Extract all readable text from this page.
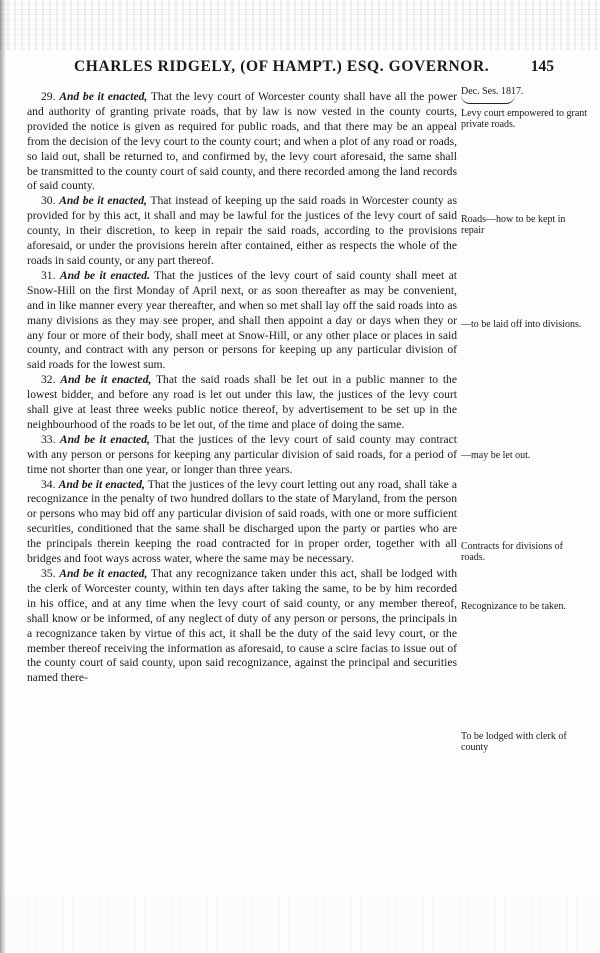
CHARLES RIDGELY, (OF HAMPT.) ESQ. GOVERNOR.	145

29. And be it enacted, That the levy court of Worcester county shall have all the power and authority of granting private roads, that by law is now vested in the county courts, provided the notice is given as required for public roads, and that there may be an appeal from the decision of the levy court to the county court; and when a plot of any road or roads, so laid out, shall be returned to, and confirmed by, the levy court aforesaid, the same shall be transmitted to the county court of said county, and there recorded among the land records of said county.

30. And be it enacted, That instead of keeping up the said roads in Worcester county as provided for by this act, it shall and may be lawful for the justices of the levy court of said county, in their discretion, to keep in repair the said roads, according to the provisions aforesaid, or under the provisions herein after contained, either as respects the whole of the roads in said county, or any part thereof.

31. And be it enacted. That the justices of the levy court of said county shall meet at Snow-Hill on the first Monday of April next, or as soon thereafter as may be convenient, and in like manner every year thereafter, and when so met shall lay off the said roads into as many divisions as they may see proper, and shall then appoint a day or days when they or any four or more of their body, shall meet at Snow-Hill, or any other place or places in said county, and contract with any person or persons for keeping up any particular division of said roads for the lowest sum.

32. And be it enacted, That the said roads shall be let out in a public manner to the lowest bidder, and before any road is let out under this law, the justices of the levy court shall give at least three weeks public notice thereof, by advertisement to be set up in the neighbourhood of the roads to be let out, of the time and place of doing the same.

33. And be it enacted, That the justices of the levy court of said county may contract with any person or persons for keeping any particular division of said roads, for a period of time not shorter than one year, or longer than three years.

34. And be it enacted, That the justices of the levy court letting out any road, shall take a recognizance in the penalty of two hundred dollars to the state of Maryland, from the person or persons who may bid off any particular division of said roads, with one or more sufficient securities, conditioned that the same shall be discharged upon the party or parties who are the principals therein keeping the road contracted for in proper order, together with all bridges and foot ways across water, where the same may be necessary.

35. And be it enacted, That any recognizance taken under this act, shall be lodged with the clerk of Worcester county, within ten days after taking the same, to be by him recorded in his office, and at any time when the levy court of said county, or any member thereof, shall know or be informed, of any neglect of duty of any person or persons, the principals in a recognizance taken by virtue of this act, it shall be the duty of the said levy court, or the member thereof receiving the information as aforesaid, to cause a scire facias to issue out of the county court of said county, upon said recognizance, against the principal and securities named there-

Dec. Ses. 1817.
Levy court empowered to grant private roads.
Roads—how to be kept in repair
—to be laid off into divisions.
—may be let out.
Contracts for divisions of roads.
Recognizance to be taken.
To be lodged with clerk of county
